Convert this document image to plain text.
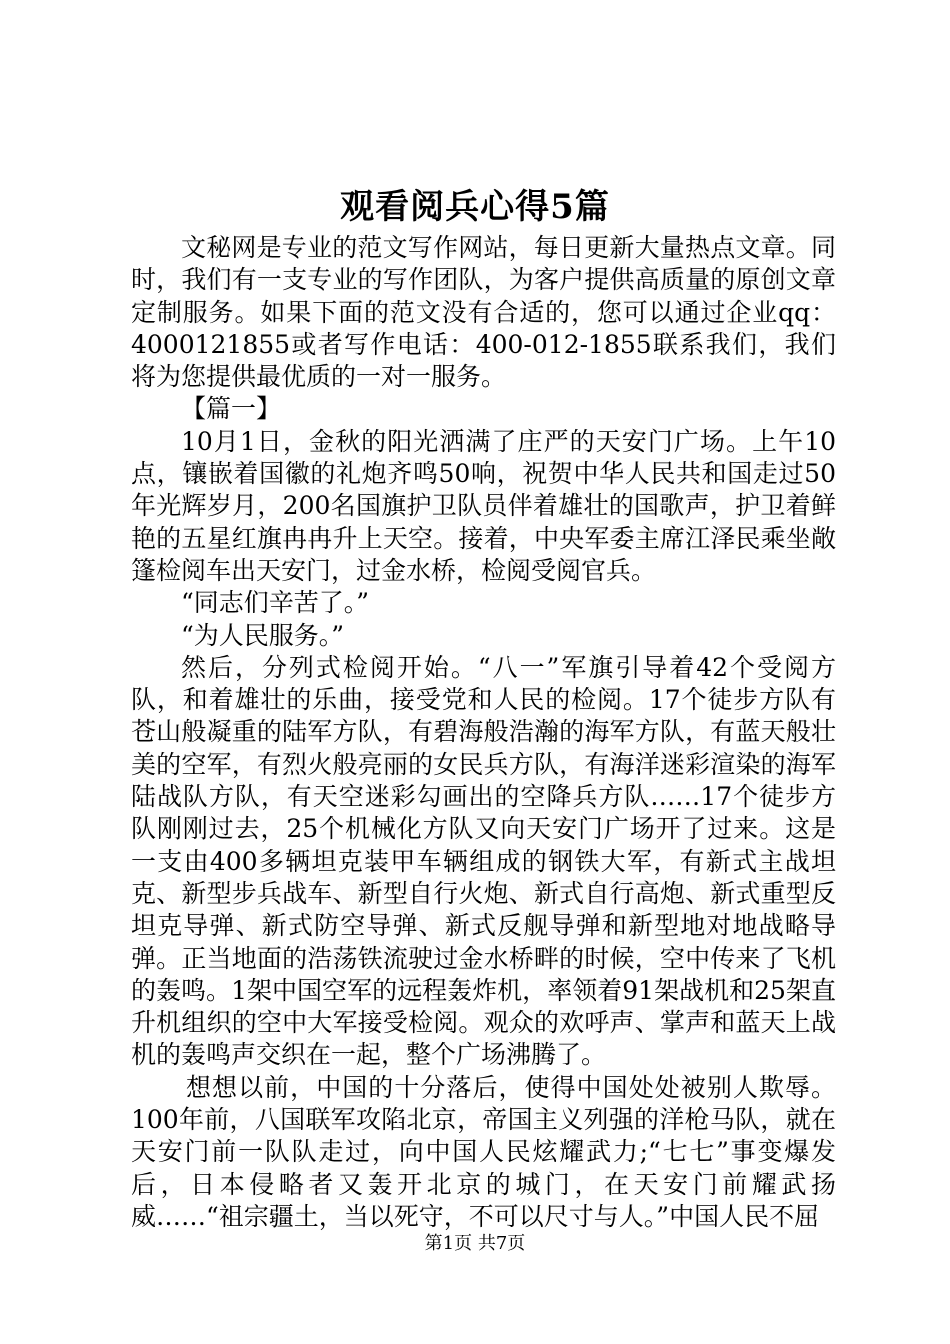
观看阅兵心得5篇

文秘网是专业的范文写作网站，每日更新大量热点文章。同时，我们有一支专业的写作团队，为客户提供高质量的原创文章定制服务。如果下面的范文没有合适的，您可以通过企业qq：4000121855或者写作电话：400-012-1855联系我们，我们将为您提供最优质的一对一服务。

【篇一】

10月1日，金秋的阳光洒满了庄严的天安门广场。上午10点，镶嵌着国徽的礼炮齐鸣50响，祝贺中华人民共和国走过50年光辉岁月，200名国旗护卫队员伴着雄壮的国歌声，护卫着鲜艳的五星红旗冉冉升上天空。接着，中央军委主席江泽民乘坐敞篷检阅车出天安门，过金水桥，检阅受阅官兵。

“同志们辛苦了。”

“为人民服务。”

然后，分列式检阅开始。“八一”军旗引导着42个受阅方队，和着雄壮的乐曲，接受党和人民的检阅。17个徒步方队有苍山般凝重的陆军方队，有碧海般浩瀚的海军方队，有蓝天般壮美的空军，有烈火般亮丽的女民兵方队，有海洋迷彩渲染的海军陆战队方队，有天空迷彩勾画出的空降兵方队……17个徒步方队刚刚过去，25个机械化方队又向天安门广场开了过来。这是一支由400多辆坦克装甲车辆组成的钢铁大军，有新式主战坦克、新型步兵战车、新型自行火炮、新式自行高炮、新式重型反坦克导弹、新式防空导弹、新式反舰导弹和新型地对地战略导弹。正当地面的浩荡铁流驶过金水桥畔的时候，空中传来了飞机的轰鸣。1架中国空军的远程轰炸机，率领着91架战机和25架直升机组织的空中大军接受检阅。观众的欢呼声、掌声和蓝天上战机的轰鸣声交织在一起，整个广场沸腾了。

想想以前，中国的十分落后，使得中国处处被别人欺辱。100年前，八国联军攻陷北京，帝国主义列强的洋枪马队，就在天安门前一队队走过，向中国人民炫耀武力;“七七”事变爆发后，日本侵略者又轰开北京的城门，在天安门前耀武扬威……“祖宗疆土，当以死守，不可以尺寸与人。”中国人民不屈

第1页 共7页
